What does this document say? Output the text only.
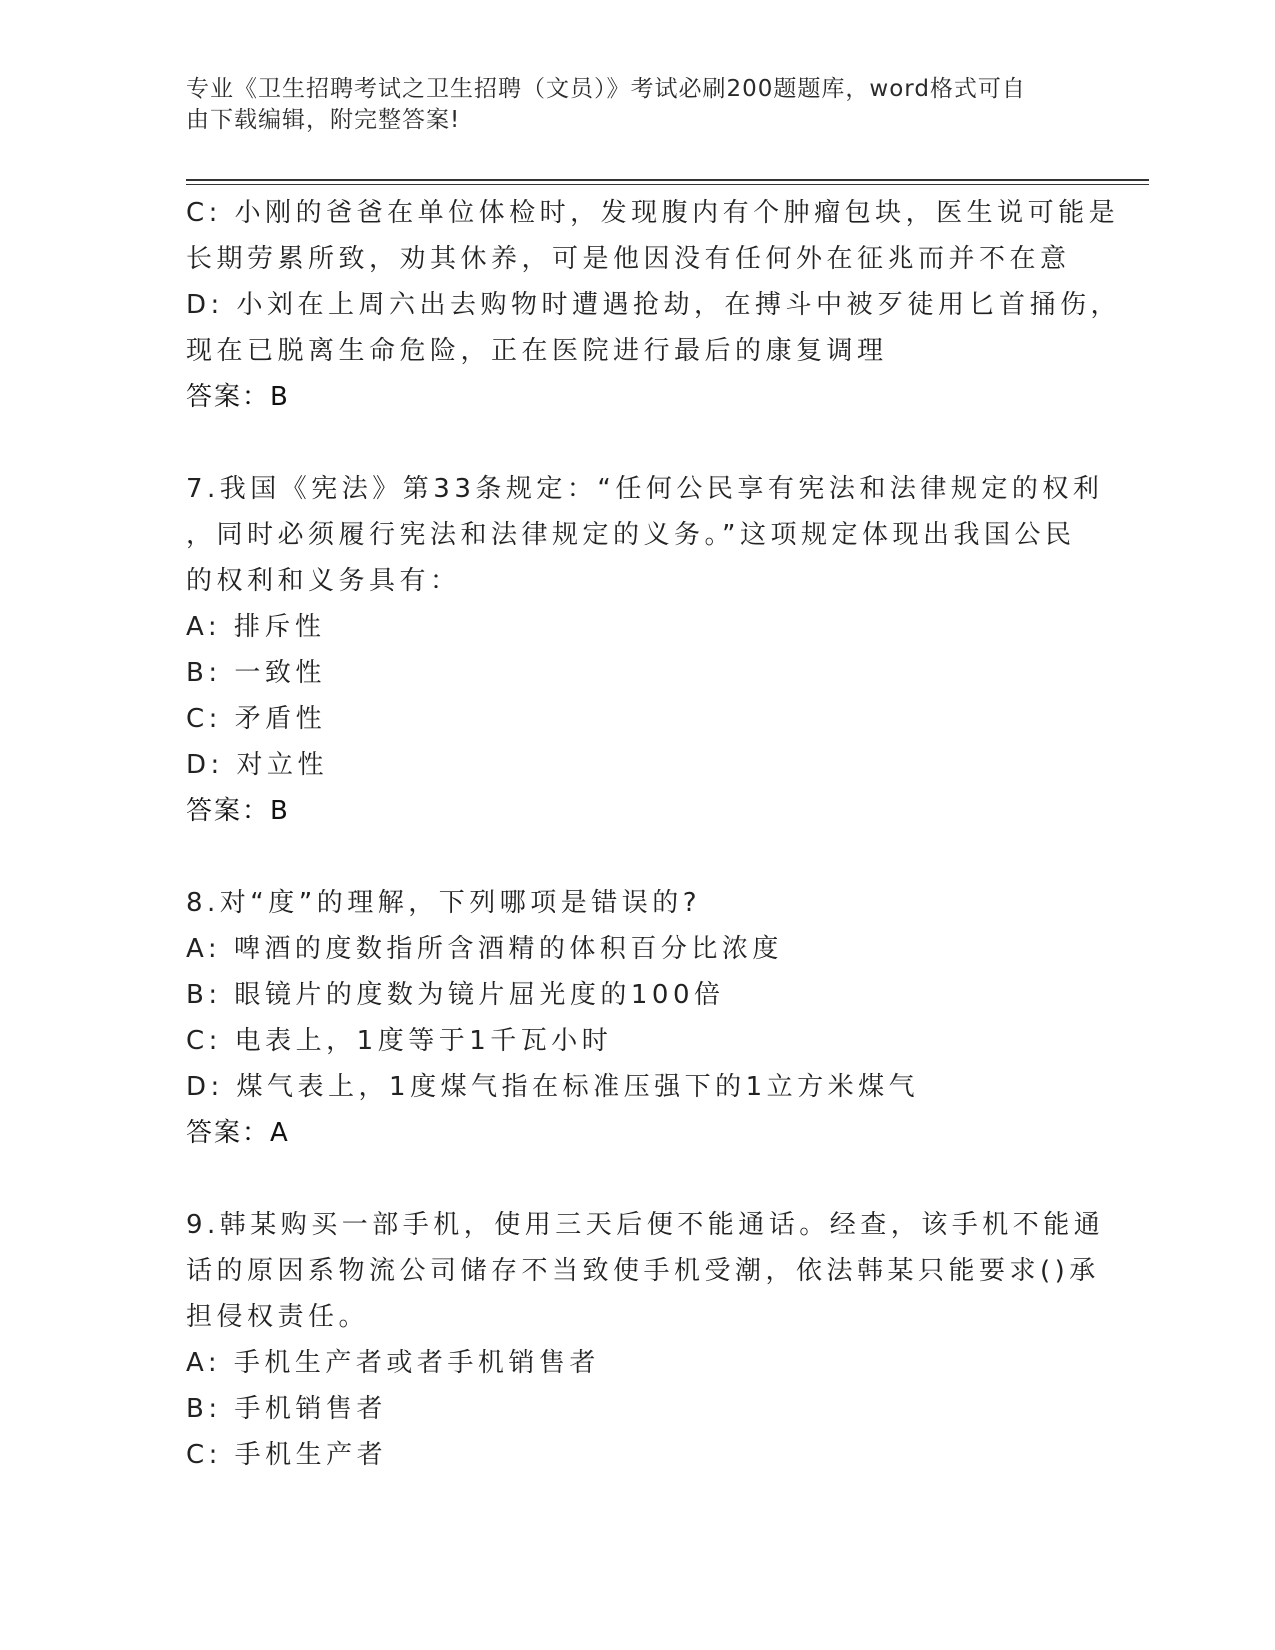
专业《卫生招聘考试之卫生招聘（文员）》考试必刷200题题库，word格式可自
由下载编辑，附完整答案!
C: 小刚的爸爸在单位体检时，发现腹内有个肿瘤包块，医生说可能是
长期劳累所致，劝其休养，可是他因没有任何外在征兆而并不在意
D: 小刘在上周六出去购物时遭遇抢劫，在搏斗中被歹徒用匕首捅伤，
现在已脱离生命危险，正在医院进行最后的康复调理
答案：B
7.我国《宪法》第33条规定：“任何公民享有宪法和法律规定的权利
，同时必须履行宪法和法律规定的义务。”这项规定体现出我国公民
的权利和义务具有：
A: 排斥性
B: 一致性
C: 矛盾性
D: 对立性
答案：B
8.对“度”的理解，下列哪项是错误的?
A: 啤酒的度数指所含酒精的体积百分比浓度
B: 眼镜片的度数为镜片屈光度的100倍
C: 电表上，1度等于1千瓦小时
D: 煤气表上，1度煤气指在标准压强下的1立方米煤气
答案：A
9.韩某购买一部手机，使用三天后便不能通话。经查，该手机不能通
话的原因系物流公司储存不当致使手机受潮，依法韩某只能要求()承
担侵权责任。
A: 手机生产者或者手机销售者
B: 手机销售者
C: 手机生产者
